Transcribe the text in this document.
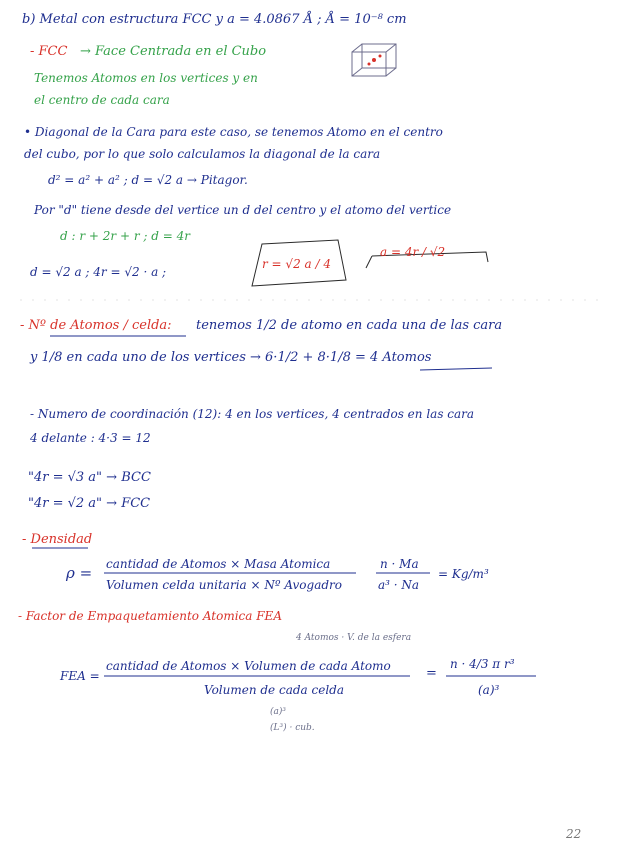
b) Metal con estructura FCC y a = 4.0867 Å ; Å = 10⁻⁸ cm
- FCC → Face Centrada en el Cubo
Tenemos Atomos en los vertices y en
el centro de cada cara
• Diagonal de la Cara para este caso, se tenemos Atomo en el centro
del cubo, por lo que solo calculamos la diagonal de la cara
d² = a² + a² ; d = √2 a → Pitagor.
Por "d" tiene desde del vertice un d del centro y el atomo del vertice
d : r + 2r + r ; d = 4r
d = √2 a ; 4r = √2 · a ;
r = √2 a / 4
a = 4r / √2
- Nº de Atomos / celda: tenemos 1/2 de atomo en cada una de las cara
y 1/8 en cada uno de los vertices → 6·1/2 + 8·1/8 = 4 Atomos
- Numero de coordinación (12): 4 en los vertices, 4 centrados en las cara
4 delante : 4·3 = 12
"4r = √3 a" → BCC
"4r = √2 a" → FCC
- Densidad
ρ = cantidad de Atomos × Masa Atomica
Volumen celda unitaria × Nº Avogadro
n · Ma
a³ · Na
= Kg/m³
- Factor de Empaquetamiento Atomica FEA
4 Atomos · V. de la esfera
FEA =
cantidad de Atomos × Volumen de cada Atomo
Volumen de cada celda
(a)³
(L³) · cub.
=
n · 4/3 π r³
(a)³
22
